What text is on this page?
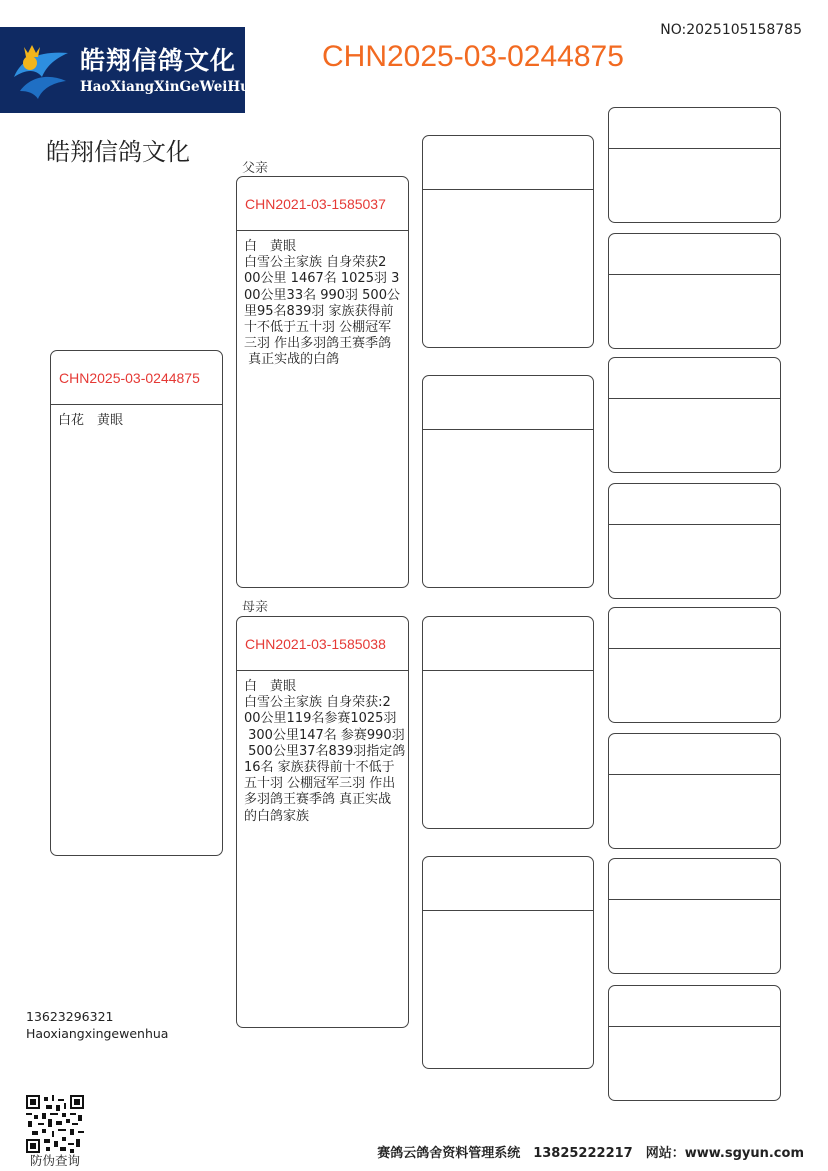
皓翔信鸽文化
HaoXiangXinGeWeiHua
NO:2025105158785
CHN2025-03-0244875
皓翔信鸽文化
CHN2025-03-0244875

白花　黄眼

父亲
CHN2021-03-1585037

白　黄眼

白雪公主家族 自身荣获2

00公里 1467名 1025羽 3

00公里33名 990羽 500公

里95名839羽 家族获得前

十不低于五十羽 公棚冠军

三羽 作出多羽鸽王赛季鸽

真正实战的白鸽

母亲
CHN2021-03-1585038

白　黄眼

白雪公主家族 自身荣获:2

00公里119名参赛1025羽

300公里147名 参赛990羽

500公里37名839羽指定鸽

16名 家族获得前十不低于

五十羽 公棚冠军三羽 作出

多羽鸽王赛季鸽 真正实战

的白鸽家族

13623296321
Haoxiangxingewenhua
防伪查询	赛鸽云鸽舍资料管理系统　13825222217　网站：www.sgyun.com
